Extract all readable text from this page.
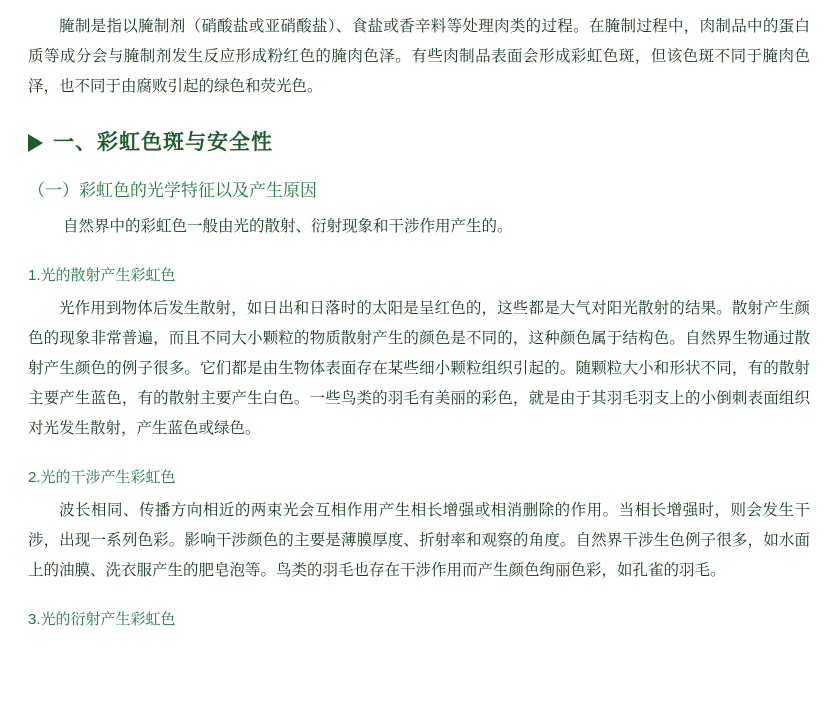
腌制是指以腌制剂（硝酸盐或亚硝酸盐）、食盐或香辛料等处理肉类的过程。在腌制过程中，肉制品中的蛋白质等成分会与腌制剂发生反应形成粉红色的腌肉色泽。有些肉制品表面会形成彩虹色斑，但该色斑不同于腌肉色泽，也不同于由腐败引起的绿色和荧光色。

一、彩虹色斑与安全性
（一）彩虹色的光学特征以及产生原因

自然界中的彩虹色一般由光的散射、衍射现象和干涉作用产生的。

1.光的散射产生彩虹色

光作用到物体后发生散射，如日出和日落时的太阳是呈红色的，这些都是大气对阳光散射的结果。散射产生颜色的现象非常普遍，而且不同大小颗粒的物质散射产生的颜色是不同的，这种颜色属于结构色。自然界生物通过散射产生颜色的例子很多。它们都是由生物体表面存在某些细小颗粒组织引起的。随颗粒大小和形状不同，有的散射主要产生蓝色，有的散射主要产生白色。一些鸟类的羽毛有美丽的彩色，就是由于其羽毛羽支上的小倒刺表面组织对光发生散射，产生蓝色或绿色。

2.光的干涉产生彩虹色

波长相同、传播方向相近的两束光会互相作用产生相长增强或相消删除的作用。当相长增强时，则会发生干涉，出现一系列色彩。影响干涉颜色的主要是薄膜厚度、折射率和观察的角度。自然界干涉生色例子很多，如水面上的油膜、洗衣服产生的肥皂泡等。鸟类的羽毛也存在干涉作用而产生颜色绚丽色彩，如孔雀的羽毛。

3.光的衍射产生彩虹色
